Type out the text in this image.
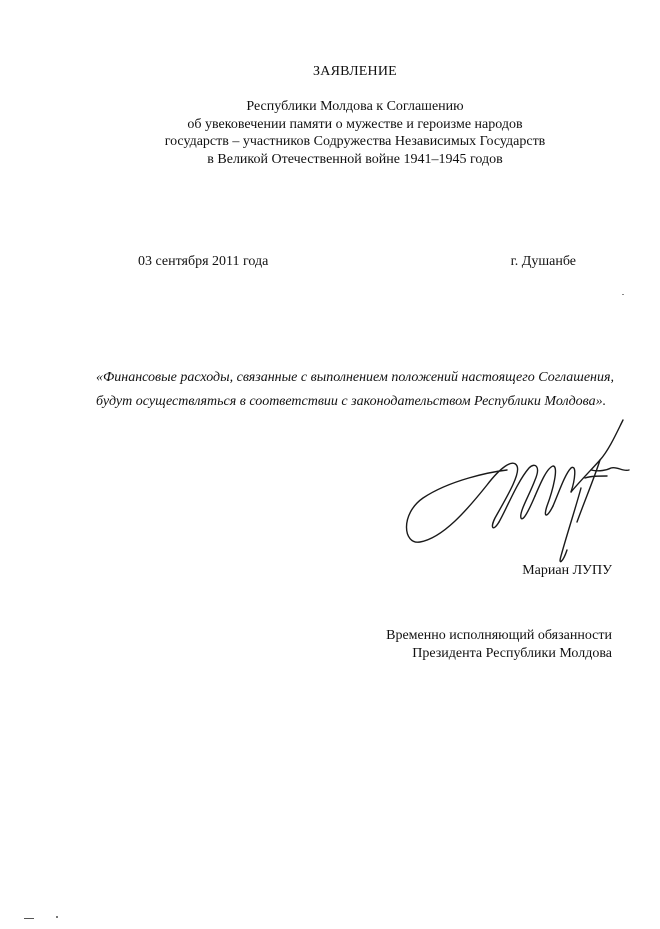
ЗАЯВЛЕНИЕ
Республики Молдова к Соглашению
об увековечении памяти о мужестве и героизме народов
государств – участников Содружества Независимых Государств
в Великой Отечественной войне 1941–1945 годов
03 сентября 2011 года	г. Душанбе
«Финансовые расходы, связанные с выполнением положений настоящего Соглашения, будут осуществляться в соответствии с законодательством Республики Молдова».
Мариан ЛУПУ
Временно исполняющий обязанности
Президента Республики Молдова
